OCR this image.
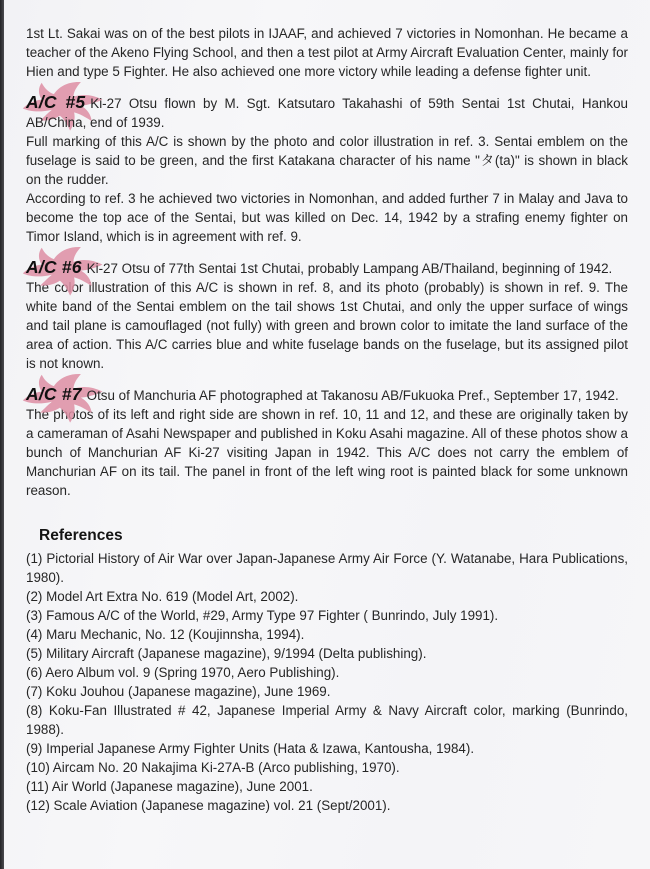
1st Lt. Sakai was on of the best pilots in IJAAF, and achieved 7 victories in Nomonhan. He became a teacher of the Akeno Flying School, and then a test pilot at Army Aircraft Evaluation Center, mainly for Hien and type 5 Fighter. He also achieved one more victory while leading a defense fighter unit.

A/C #5 Ki-27 Otsu flown by M. Sgt. Katsutaro Takahashi of 59th Sentai 1st Chutai, Hankou AB/China, end of 1939.

Full marking of this A/C is shown by the photo and color illustration in ref. 3. Sentai emblem on the fuselage is said to be green, and the first Katakana character of his name "タ(ta)" is shown in black on the rudder.

According to ref. 3 he achieved two victories in Nomonhan, and added further 7 in Malay and Java to become the top ace of the Sentai, but was killed on Dec. 14, 1942 by a strafing enemy fighter on Timor Island, which is in agreement with ref. 9.

A/C #6 Ki-27 Otsu of 77th Sentai 1st Chutai, probably Lampang AB/Thailand, beginning of 1942.

The color illustration of this A/C is shown in ref. 8, and its photo (probably) is shown in ref. 9. The white band of the Sentai emblem on the tail shows 1st Chutai, and only the upper surface of wings and tail plane is camouflaged (not fully) with green and brown color to imitate the land surface of the area of action. This A/C carries blue and white fuselage bands on the fuselage, but its assigned pilot is not known.

A/C #7 Otsu of Manchuria AF photographed at Takanosu AB/Fukuoka Pref., September 17, 1942.

The photos of its left and right side are shown in ref. 10, 11 and 12, and these are originally taken by a cameraman of Asahi Newspaper and published in Koku Asahi magazine. All of these photos show a bunch of Manchurian AF Ki-27 visiting Japan in 1942. This A/C does not carry the emblem of Manchurian AF on its tail. The panel in front of the left wing root is painted black for some unknown reason.

References

(1) Pictorial History of Air War over Japan-Japanese Army Air Force (Y. Watanabe, Hara Publications, 1980).

(2) Model Art Extra No. 619 (Model Art, 2002).

(3) Famous A/C of the World, #29, Army Type 97 Fighter ( Bunrindo, July 1991).

(4) Maru Mechanic, No. 12 (Koujinnsha, 1994).

(5) Military Aircraft (Japanese magazine), 9/1994 (Delta publishing).

(6) Aero Album vol. 9 (Spring 1970, Aero Publishing).

(7) Koku Jouhou (Japanese magazine), June 1969.

(8) Koku-Fan Illustrated # 42, Japanese Imperial Army & Navy Aircraft color, marking (Bunrindo, 1988).

(9) Imperial Japanese Army Fighter Units (Hata & Izawa, Kantousha, 1984).

(10) Aircam No. 20 Nakajima Ki-27A-B (Arco publishing, 1970).

(11) Air World (Japanese magazine), June 2001.

(12) Scale Aviation (Japanese magazine) vol. 21 (Sept/2001).
